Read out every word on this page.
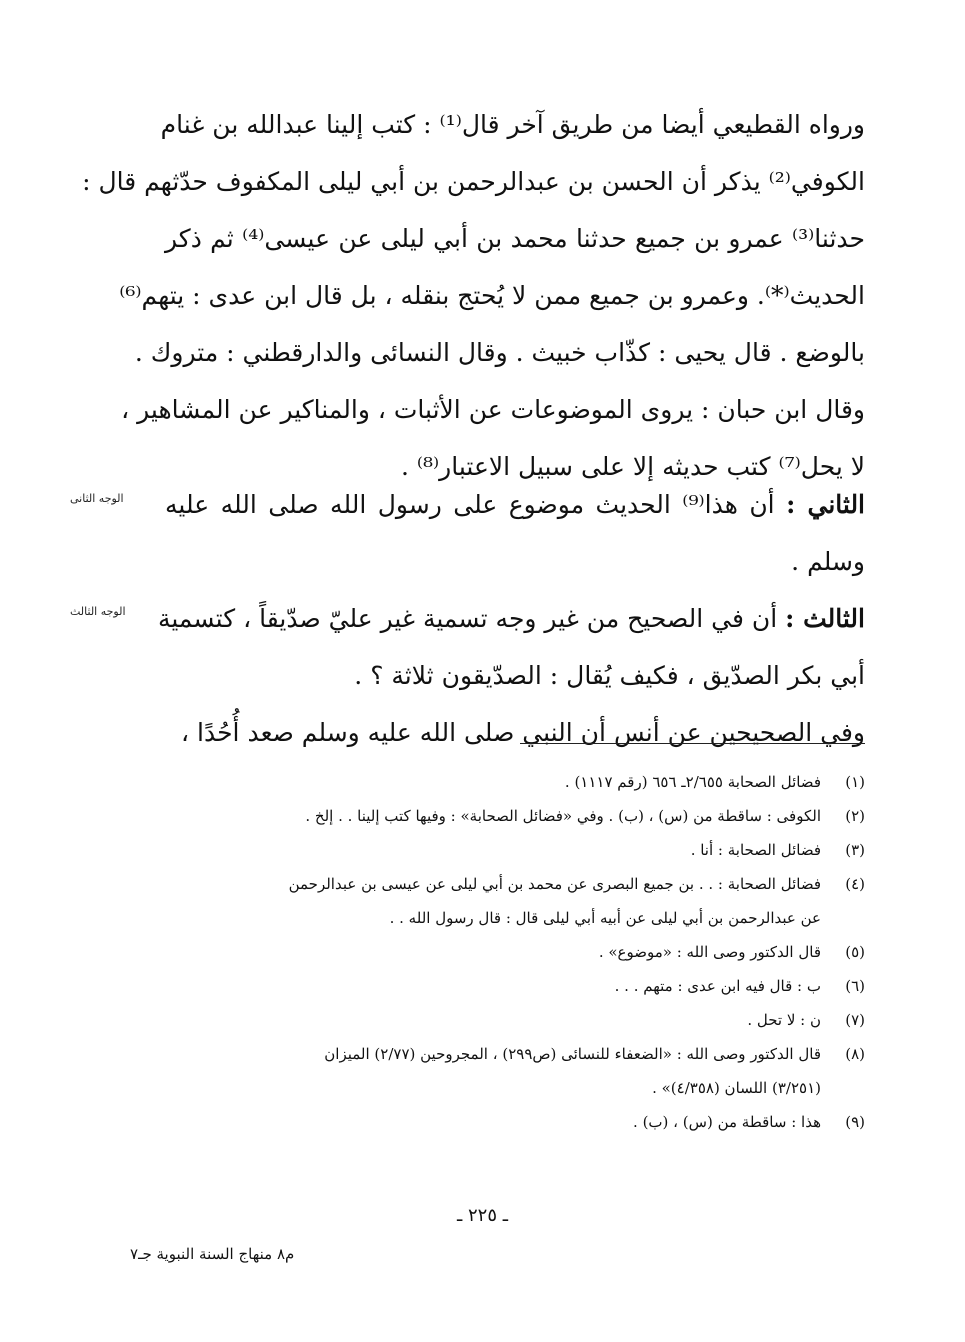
ورواه القطيعي أيضا من طريق آخر قال⁽¹⁾ : كتب إلينا عبدالله بن غنام
الكوفي⁽²⁾ يذكر أن الحسن بن عبدالرحمن بن أبي ليلى المكفوف حدّثهم قال :
حدثنا⁽³⁾ عمرو بن جميع حدثنا محمد بن أبي ليلى عن عيسى⁽⁴⁾ ثم ذكر
الحديث⁽*⁾. وعمرو بن جميع ممن لا يُحتج بنقله ، بل قال ابن عدى : يتهم⁽⁶⁾
بالوضع . قال يحيى : كذّاب خبيث . وقال النسائى والدارقطني : متروك .
وقال ابن حبان : يروى الموضوعات عن الأثبات ، والمناكير عن المشاهير ،
لا يحل⁽⁷⁾ كتب حديثه إلا على سبيل الاعتبار⁽⁸⁾ .
الثاني : أن هذا⁽⁹⁾ الحديث موضوع على رسول الله صلى الله عليه
وسلم .
الوجه الثانى
الثالث : أن في الصحيح من غير وجه تسمية غير عليّ صدّيقاً ، كتسمية
أبي بكر الصدّيق ، فكيف يُقال : الصدّيقون ثلاثة ؟ .
الوجه الثالث
وفي الصحيحين عن أنس أن النبي صلى الله عليه وسلم صعد أُحُدًا ،
(١)
فضائل الصحابة ٢/٦٥٥ـ ٦٥٦ (رقم ١١١٧) .
(٢)
الكوفى : ساقطة من (س) ، (ب) . وفي «فضائل الصحابة» : وفيها كتب إلينا . . إلخ .
(٣)
فضائل الصحابة : أنا .
(٤)
فضائل الصحابة : . . بن جميع البصرى عن محمد بن أبي ليلى عن عيسى بن عبدالرحمن
عن عبدالرحمن بن أبي ليلى عن أبيه أبي ليلى قال : قال رسول الله . .
(٥)
قال الدكتور وصى الله : «موضوع» .
(٦)
ب : قال فيه ابن عدى : متهم . . .
(٧)
ن : لا تحل .
(٨)
قال الدكتور وصى الله : «الضعفاء للنسائى (ص٢٩٩) ، المجروحين (٢/٧٧) الميزان
(٣/٢٥١) اللسان (٤/٣٥٨)» .
(٩)
هذا : ساقطة من (س) ، (ب) .
ـ ٢٢٥ ـ
م٨ منهاج السنة النبوية جـ٧
